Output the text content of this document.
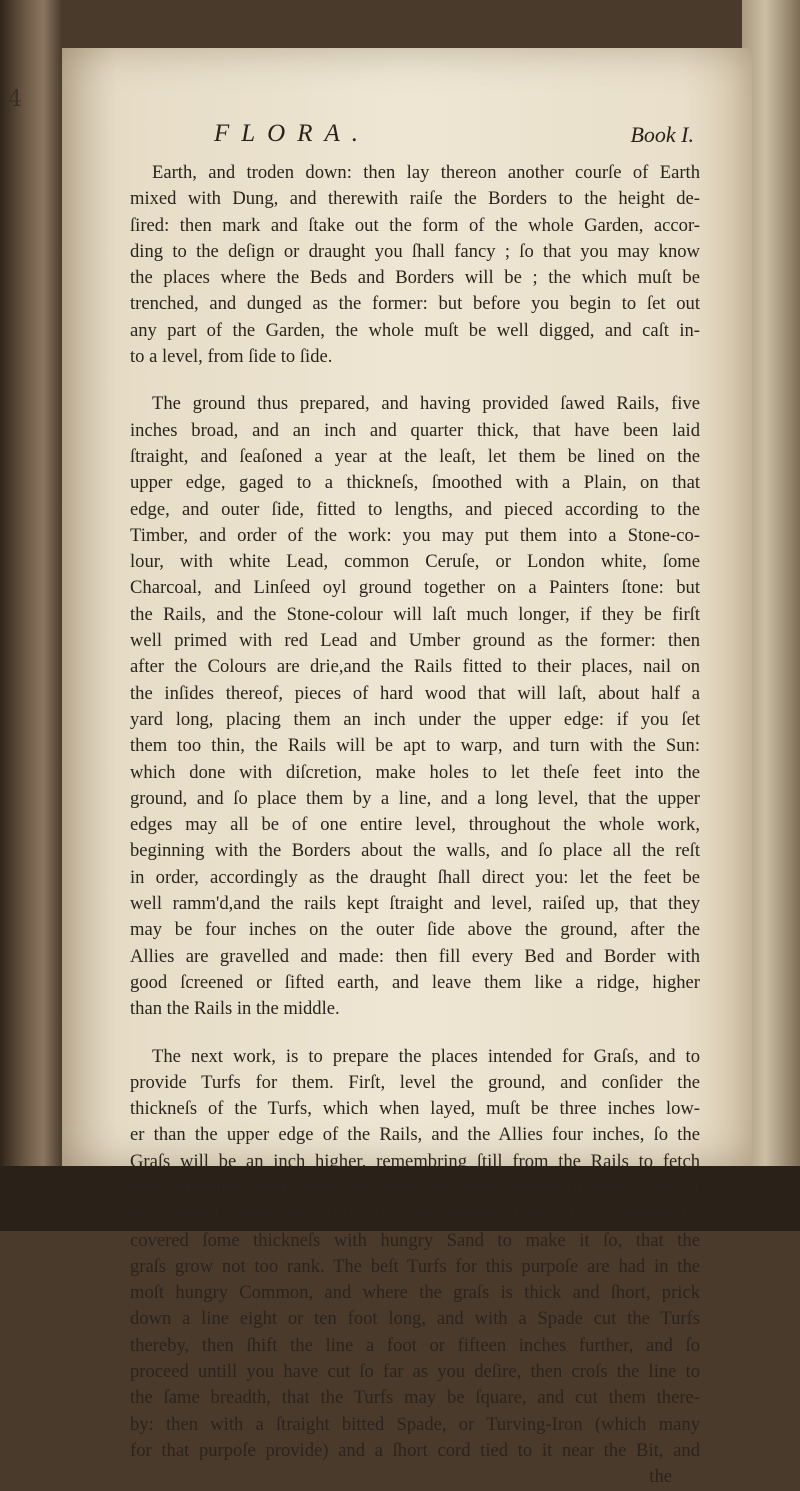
4
FLORA.	Book I.
Earth, and troden down: then lay thereon another courſe of Earth
mixed with Dung, and therewith raiſe the Borders to the height de-
ſired: then mark and ſtake out the form of the whole Garden, accor-
ding to the deſign or draught you ſhall fancy ; ſo that you may know
the places where the Beds and Borders will be ; the which muſt be
trenched, and dunged as the former: but before you begin to ſet out
any part of the Garden, the whole muſt be well digged, and caſt in-
to a level, from ſide to ſide.
The ground thus prepared, and having provided ſawed Rails, five
inches broad, and an inch and quarter thick, that have been laid
ſtraight, and ſeaſoned a year at the leaſt, let them be lined on the
upper edge, gaged to a thickneſs, ſmoothed with a Plain, on that
edge, and outer ſide, fitted to lengths, and pieced according to the
Timber, and order of the work: you may put them into a Stone-co-
lour, with white Lead, common Ceruſe, or London white, ſome
Charcoal, and Linſeed oyl ground together on a Painters ſtone: but
the Rails, and the Stone-colour will laſt much longer, if they be firſt
well primed with red Lead and Umber ground as the former: then
after the Colours are drie,and the Rails fitted to their places, nail on
the inſides thereof, pieces of hard wood that will laſt, about half a
yard long, placing them an inch under the upper edge: if you ſet
them too thin, the Rails will be apt to warp, and turn with the Sun:
which done with diſcretion, make holes to let theſe feet into the
ground, and ſo place them by a line, and a long level, that the upper
edges may all be of one entire level, throughout the whole work,
beginning with the Borders about the walls, and ſo place all the reſt
in order, accordingly as the draught ſhall direct you: let the feet be
well ramm'd,and the rails kept ſtraight and level, raiſed up, that they
may be four inches on the outer ſide above the ground, after the
Allies are gravelled and made: then fill every Bed and Border with
good ſcreened or ſifted earth, and leave them like a ridge, higher
than the Rails in the middle.
The next work, is to prepare the places intended for Graſs, and to
provide Turfs for them. Firſt, level the ground, and conſider the
thickneſs of the Turfs, which when layed, muſt be three inches low-
er than the upper edge of the Rails, and the Allies four inches, ſo the
Graſs will be an inch higher, remembring ſtill from the Rails to fetch
your meaſures, and level, to keep the whole work in order; and if
the ground under the Turfs be not barren of it ſelf, it ſhould be
covered ſome thickneſs with hungry Sand to make it ſo, that the
graſs grow not too rank. The beſt Turfs for this purpoſe are had in the
moſt hungry Common, and where the graſs is thick and ſhort, prick
down a line eight or ten foot long, and with a Spade cut the Turfs
thereby, then ſhift the line a foot or fifteen inches further, and ſo
proceed untill you have cut ſo far as you deſire, then croſs the line to
the ſame breadth, that the Turfs may be ſquare, and cut them there-
by: then with a ſtraight bitted Spade, or Turving-Iron (which many
for that purpoſe provide) and a ſhort cord tied to it near the Bit, and
the
